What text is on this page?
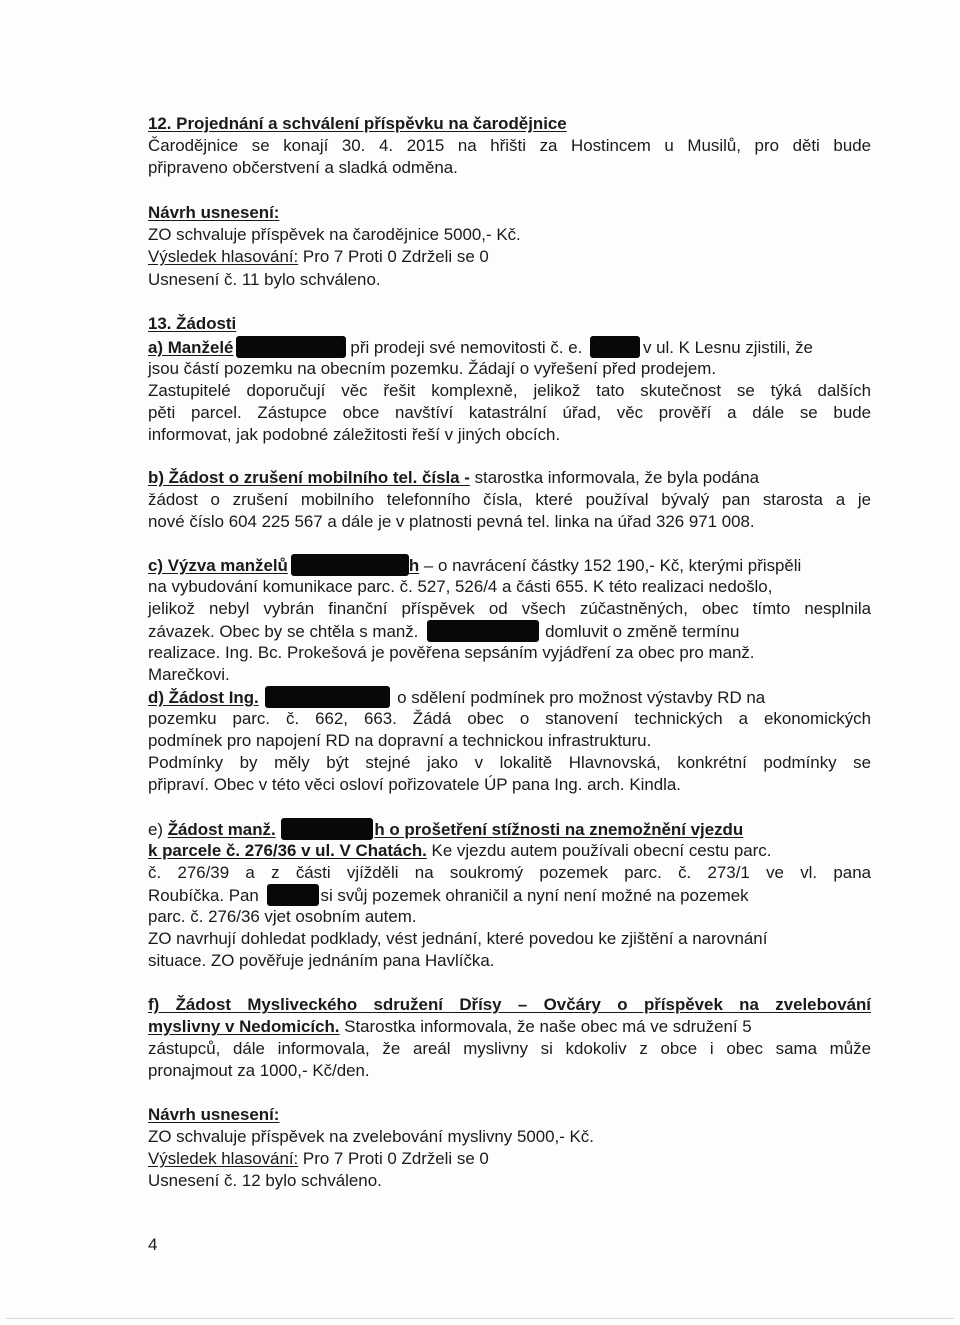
12. Projednání a schválení příspěvku na čarodějnice
Čarodějnice se konají 30. 4. 2015 na hřišti za Hostincem u Musilů, pro děti bude
připraveno občerstvení a sladká odměna.
Návrh usnesení:
ZO schvaluje příspěvek na čarodějnice 5000,- Kč.
Výsledek hlasování: Pro 7 Proti 0 Zdrželi se 0
Usnesení č. 11 bylo schváleno.
13. Žádosti
a) Manželé	při prodeji své nemovitosti č. e.	v ul. K Lesnu zjistili, že
jsou částí pozemku na obecním pozemku. Žádají o vyřešení před prodejem.
Zastupitelé doporučují věc řešit komplexně, jelikož tato skutečnost se týká dalších
pěti parcel. Zástupce obce navštíví katastrální úřad, věc prověří a dále se bude
informovat, jak podobné záležitosti řeší v jiných obcích.
b) Žádost o zrušení mobilního tel. čísla - starostka informovala, že byla podána
žádost o zrušení mobilního telefonního čísla, které používal bývalý pan starosta a je
nové číslo 604 225 567 a dále je v platnosti pevná tel. linka na úřad 326 971 008.
c) Výzva manželů	h – o navrácení částky 152 190,- Kč, kterými přispěli
na vybudování komunikace parc. č. 527, 526/4 a části 655. K této realizaci nedošlo,
jelikož nebyl vybrán finanční příspěvek od všech zúčastněných, obec tímto nesplnila
závazek. Obec by se chtěla s manž.	domluvit o změně termínu
realizace. Ing. Bc. Prokešová je pověřena sepsáním vyjádření za obec pro manž.
Marečkovi.
d) Žádost Ing.	o sdělení podmínek pro možnost výstavby RD na
pozemku parc. č. 662, 663. Žádá obec o stanovení technických a ekonomických
podmínek pro napojení RD na dopravní a technickou infrastrukturu.
Podmínky by měly být stejné jako v lokalitě Hlavnovská, konkrétní podmínky se
připraví. Obec v této věci osloví pořizovatele ÚP pana Ing. arch. Kindla.
e) Žádost manž.	h o prošetření stížnosti na znemožnění vjezdu
k parcele č. 276/36 v ul. V Chatách. Ke vjezdu autem používali obecní cestu parc.
č. 276/39 a z části vjížděli na soukromý pozemek parc. č. 273/1 ve vl. pana
Roubíčka. Pan	si svůj pozemek ohraničil a nyní není možné na pozemek
parc. č. 276/36 vjet osobním autem.
ZO navrhují dohledat podklady, vést jednání, které povedou ke zjištění a narovnání
situace. ZO pověřuje jednáním pana Havlíčka.
f) Žádost Mysliveckého sdružení Dřísy – Ovčáry o příspěvek na zvelebování
myslivny v Nedomicích. Starostka informovala, že naše obec má ve sdružení 5
zástupců, dále informovala, že areál myslivny si kdokoliv z obce i obec sama může
pronajmout za 1000,- Kč/den.
Návrh usnesení:
ZO schvaluje příspěvek na zvelebování myslivny 5000,- Kč.
Výsledek hlasování: Pro 7 Proti 0 Zdrželi se 0
Usnesení č. 12 bylo schváleno.
4
